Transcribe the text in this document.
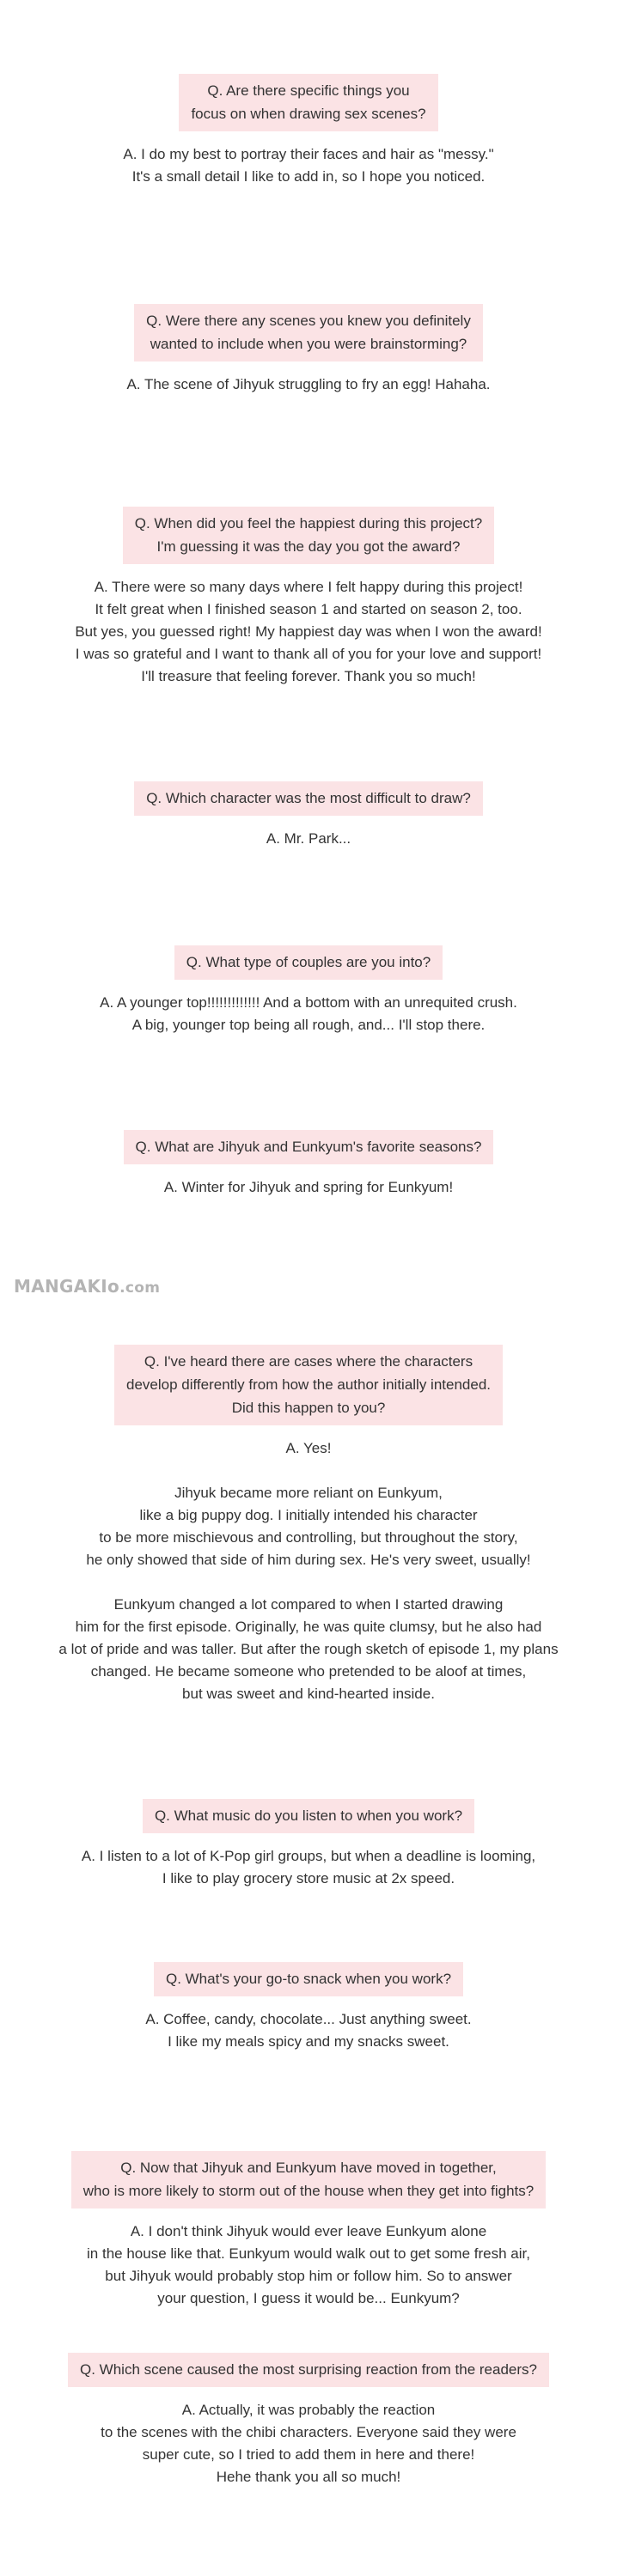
MANGAKIo.com
Q. Are there specific things you
focus on when drawing sex scenes?

A. I do my best to portray their faces and hair as "messy."
It's a small detail I like to add in, so I hope you noticed.

Q. Were there any scenes you knew you definitely
wanted to include when you were brainstorming?

A. The scene of Jihyuk struggling to fry an egg! Hahaha.

Q. When did you feel the happiest during this project?
I'm guessing it was the day you got the award?

A. There were so many days where I felt happy during this project!
It felt great when I finished season 1 and started on season 2, too.
But yes, you guessed right! My happiest day was when I won the award!
I was so grateful and I want to thank all of you for your love and support!
I'll treasure that feeling forever. Thank you so much!

Q. Which character was the most difficult to draw?

A. Mr. Park...

Q. What type of couples are you into?

A. A younger top!!!!!!!!!!!!! And a bottom with an unrequited crush.
A big, younger top being all rough, and... I'll stop there.

Q. What are Jihyuk and Eunkyum's favorite seasons?

A. Winter for Jihyuk and spring for Eunkyum!

Q. I've heard there are cases where the characters
develop differently from how the author initially intended.
Did this happen to you?

A. Yes!

Jihyuk became more reliant on Eunkyum,
like a big puppy dog. I initially intended his character
to be more mischievous and controlling, but throughout the story,
he only showed that side of him during sex. He's very sweet, usually!

Eunkyum changed a lot compared to when I started drawing
him for the first episode. Originally, he was quite clumsy, but he also had
a lot of pride and was taller. But after the rough sketch of episode 1, my plans
changed. He became someone who pretended to be aloof at times,
but was sweet and kind-hearted inside.

Q. What music do you listen to when you work?

A. I listen to a lot of K-Pop girl groups, but when a deadline is looming,
I like to play grocery store music at 2x speed.

Q. What's your go-to snack when you work?

A. Coffee, candy, chocolate... Just anything sweet.
I like my meals spicy and my snacks sweet.

Q. Now that Jihyuk and Eunkyum have moved in together,
who is more likely to storm out of the house when they get into fights?

A. I don't think Jihyuk would ever leave Eunkyum alone
in the house like that. Eunkyum would walk out to get some fresh air,
but Jihyuk would probably stop him or follow him. So to answer
your question, I guess it would be... Eunkyum?

Q. Which scene caused the most surprising reaction from the readers?

A. Actually, it was probably the reaction
to the scenes with the chibi characters. Everyone said they were
super cute, so I tried to add them in here and there!
Hehe thank you all so much!
